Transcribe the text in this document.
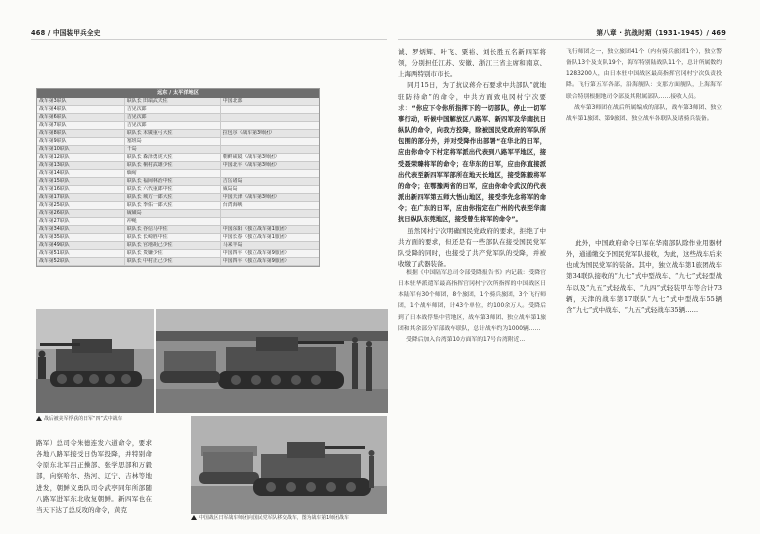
468 / 中国装甲兵全史	第八章 · 抗战时期（1931-1945）/ 469
远东 / 太平洋地区
战车第3联队	联队长 田端武夫佐	中国北部
战车第4联队	吉见次郎	
战车第6联队	吉见次郎	
战车第7联队	吉见次郎	
战车第8联队	联队长 末廣重弓大佐	拉包尔（战车第3师团）
战车第9联队	塞班岛	
战车第10联队	千岛	
战车第12联队	联队长 森泽勇虎大佐	朝鲜咸镜（战车第3师团）
战车第13联队	联队长 桐村武雄少佐	中国北平（战车第3师团）
战车第14联队	缅甸	
战车第15联队	联队长 福岡林治中佐	吉岳诸岛
战车第16联队	联队长 六代重郎中佐	威岛岛
战车第17联队	联队长 城方一郎大佐	中国天津（战车第3师团）
战车第25联队	联队长 季佑一郎大佐	台湾海峡
战车第26联队	硫磺岛	
战车第27联队	冲绳	
战车第34联队	联队长 谷信马中佐	中国东阳（独立战车第1旅团）
战车第35联队	联队长 长崎胜中佐	中国长春（独立战车第1旅团）
战车第49联队	联队长 官地胡己少佐	马来半岛
战车第51联队	联队长 贵嫌少佐	中国四平（独立战车第9旅团）
战车第52联队	联队长 中村正己少佐	中国四平（独立战车第9旅团）
路军）总司令朱德连发六道命令，要求各地八路军接受日伪军投降，并特别命令原东北军吕正操部、张学思部和万毅部，向察哈尔、热河、辽宁、吉林等地进发，朝鲜义勇队司令武亭同年所部随八路军进军东北收复朝鲜。新四军也在当天下达了总反攻的命令，黄克
战后被美军俘获的日军“四”式中战车
中国战区日军战车师团向国民党军队移交战车，图为战车第1师团战车

诚、罗炳辉、叶飞、粟裕、刘长胜五名新四军将领，分别担任江苏、安徽、浙江三省主席和南京、上海两特别市市长。

同月15日，为了抗议蒋介石要求中共部队“就地驻防待命”的命令，中共方面致电冈村宁次要求：“你应下令你所指挥下的一切部队，停止一切军事行动，听候中国解放区八路军、新四军及华南抗日纵队的命令，向我方投降，除被国民党政府的军队所包围的部分外，并对受降作出部署“在华北的日军，应由你命令下村定将军派出代表到八路军平地区，接受聂荣臻将军的命令；在华东的日军，应由你直接派出代表至新四军军部所在地天长地区，接受陈毅将军的命令；在鄂豫两省的日军，应由你命令武汉的代表派出新四军第五师大悟山地区，接受李先念将军的命令；在广东的日军，应由你指定在广州的代表至华南抗日纵队东莞地区，接受曾生将军的命令”。

虽然冈村宁次明确国民党政府的要求，拒绝了中共方面的要求，但还是有一些部队在接受国民党军队受降的同时，也接受了共产党军队的受降，并被收缴了武器装备。

根据《中国陆军总司令部受降报告书》内记载：受降官日本驻华派遣军最高指挥官冈村宁次所指挥的中国战区日本陆军有30个师团，8个旅团，1个骑兵旅团，3个飞行师团，1个战车师团，计43个单位，约100余万人。受降后到了日本战俘集中营地区，战车第3师团、独立战车第1旅团和其余部分军部战车联队，总计战车约为1000辆……

受降后加入台湾第10方面军的17号台湾附近…

飞行师团之一，独立旅团41个（内有骑兵旅团1个），独立警备队13个及支队19个，海军特别陆战队11个，总计所属数约1283200人，由日本驻中国战区最高指挥官冈村宁次负责投降。飞行第五军各部，沿海舰队：支那方面舰队，上海海军联合特别根据地司令部及其附属部队……接收人员。

战车第3师团在战后所属编成的部队，战车第3师团、独立战车第1旅团、第9旅团、独立战车各联队及诸骑兵装备。

此外，中国政府命令日军在华南部队除作业用器材外，通通缴交予国民党军队接收，为此，这些战车后来也成为国民党军的装备。其中，独立战车第1旅团战车第34联队接收的“九七”式中型战车、“九七”式轻型战车以及“九五”式轻战车、“九四”式轻装甲车等合计73辆，天津的战车第17联队“九七”式中型战车55辆含“九七”式中战车、“九五”式轻战车35辆……
